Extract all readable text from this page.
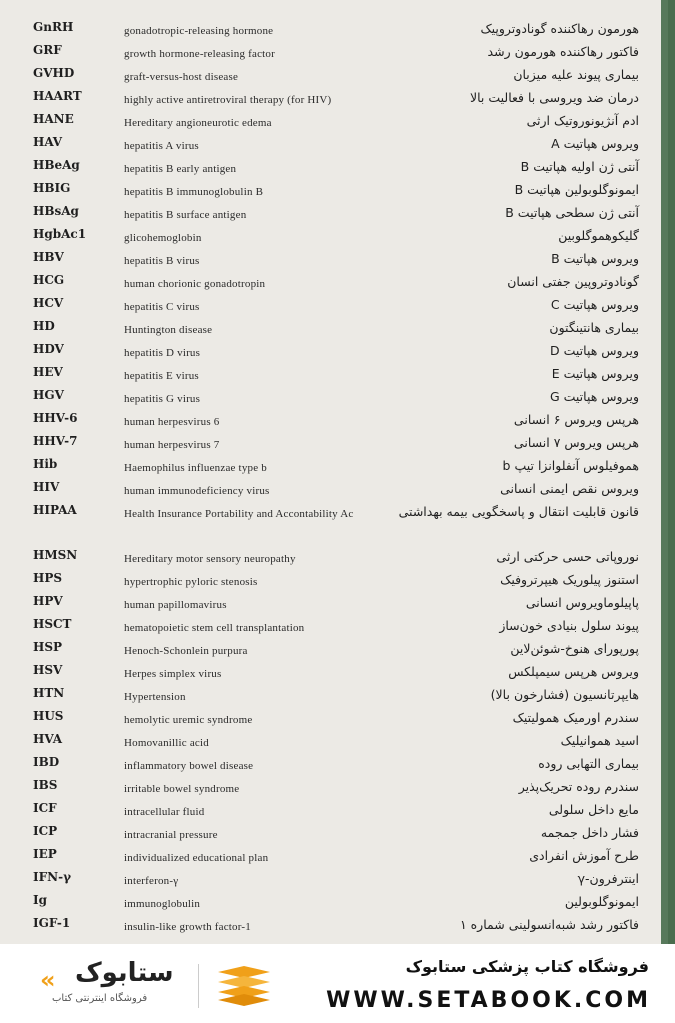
GnRH	gonadotropic-releasing hormone	هورمون رهاکننده گونادوتروپیک
GRF	growth hormone-releasing factor	فاکتور رهاکننده هورمون رشد
GVHD	graft-versus-host disease	بیماری پیوند علیه میزبان
HAART	highly active antiretroviral therapy (for HIV)	درمان ضد ویروسی با فعالیت بالا
HANE	Hereditary angioneurotic edema	ادم آنژیونوروتیک ارثی
HAV	hepatitis A virus	ویروس هپاتیت A
HBeAg	hepatitis B early antigen	آنتی ژن اولیه هپاتیت B
HBIG	hepatitis B immunoglobulin B	ایمونوگلوبولین هپاتیت B
HBsAg	hepatitis B surface antigen	آنتی ژن سطحی هپاتیت B
HgbAc1	glicohemoglobin	گلیکوهموگلوبین
HBV	hepatitis B virus	ویروس هپاتیت B
HCG	human chorionic gonadotropin	گونادوتروپین جفتی انسان
HCV	hepatitis C virus	ویروس هپاتیت C
HD	Huntington disease	بیماری هانتینگتون
HDV	hepatitis D virus	ویروس هپاتیت D
HEV	hepatitis E virus	ویروس هپاتیت E
HGV	hepatitis G virus	ویروس هپاتیت G
HHV-6	human herpesvirus 6	هرپس ویروس ۶ انسانی
HHV-7	human herpesvirus 7	هرپس ویروس ۷ انسانی
Hib	Haemophilus influenzae type b	هموفیلوس آنفلوانزا تیپ b
HIV	human immunodeficiency virus	ویروس نقص ایمنی انسانی
HIPAA	Health Insurance Portability and Accontability Ac	قانون قابلیت انتقال و پاسخگویی بیمه بهداشتی
HMSN	Hereditary motor sensory neuropathy	نوروپاتی حسی حرکتی ارثی
HPS	hypertrophic pyloric stenosis	استنوز پیلوریک هیپرتروفیک
HPV	human papillomavirus	پاپیلوماویروس انسانی
HSCT	hematopoietic stem cell transplantation	پیوند سلول بنیادی خون‌ساز
HSP	Henoch-Schonlein purpura	پورپورای هنوخ-شوئن‌لاین
HSV	Herpes simplex virus	ویروس هرپس سیمپلکس
HTN	Hypertension	هایپرتانسیون (فشارخون بالا)
HUS	hemolytic uremic syndrome	سندرم اورمیک همولیتیک
HVA	Homovanillic acid	اسید هموانیلیک
IBD	inflammatory bowel disease	بیماری التهابی روده
IBS	irritable bowel syndrome	سندرم روده تحریک‌پذیر
ICF	intracellular fluid	مایع داخل سلولی
ICP	intracranial pressure	فشار داخل جمجمه
IEP	individualized educational plan	طرح آموزش انفرادی
IFN-γ	interferon-γ	اینترفرون-γ
Ig	immunoglobulin	ایمونوگلوبولین
IGF-1	insulin-like growth factor-1	فاکتور رشد شبه‌انسولینی شماره ۱
« ستابوک
فروشگاه اینترنتی کتاب
فروشگاه کتاب پزشکی ستابوک
WWW.SETABOOK.COM
